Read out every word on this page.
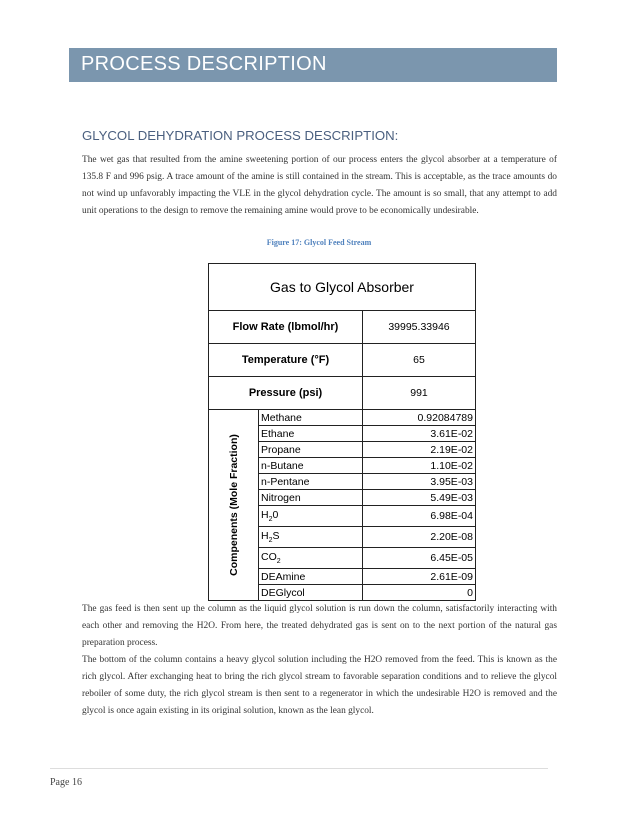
PROCESS DESCRIPTION
GLYCOL DEHYDRATION PROCESS DESCRIPTION:
The wet gas that resulted from the amine sweetening portion of our process enters the glycol absorber at a temperature of 135.8 F and 996 psig. A trace amount of the amine is still contained in the stream. This is acceptable, as the trace amounts do not wind up unfavorably impacting the VLE in the glycol dehydration cycle. The amount is so small, that any attempt to add unit operations to the design to remove the remaining amine would prove to be economically undesirable.
Figure 17: Glycol Feed Stream
Gas to Glycol Absorber		
Flow Rate (lbmol/hr)		39995.33946
Temperature (°F)		65
Pressure (psi)		991

Compenents (Mole Fraction)	Methane	0.92084789
	Ethane	3.61E-02
	Propane	2.19E-02
	n-Butane	1.10E-02
	n-Pentane	3.95E-03
	Nitrogen	5.49E-03
	$H_20$	6.98E-04
	$H_2S$	2.20E-08
	$CO_2$	6.45E-05
	DEAmine	2.61E-09
	DEGlycol	0
The gas feed is then sent up the column as the liquid glycol solution is run down the column, satisfactorily interacting with each other and removing the H2O. From here, the treated dehydrated gas is sent on to the next portion of the natural gas preparation process.
The bottom of the column contains a heavy glycol solution including the H2O removed from the feed. This is known as the rich glycol. After exchanging heat to bring the rich glycol stream to favorable separation conditions and to relieve the glycol reboiler of some duty, the rich glycol stream is then sent to a regenerator in which the undesirable H2O is removed and the glycol is once again existing in its original solution, known as the lean glycol.
Page 16
